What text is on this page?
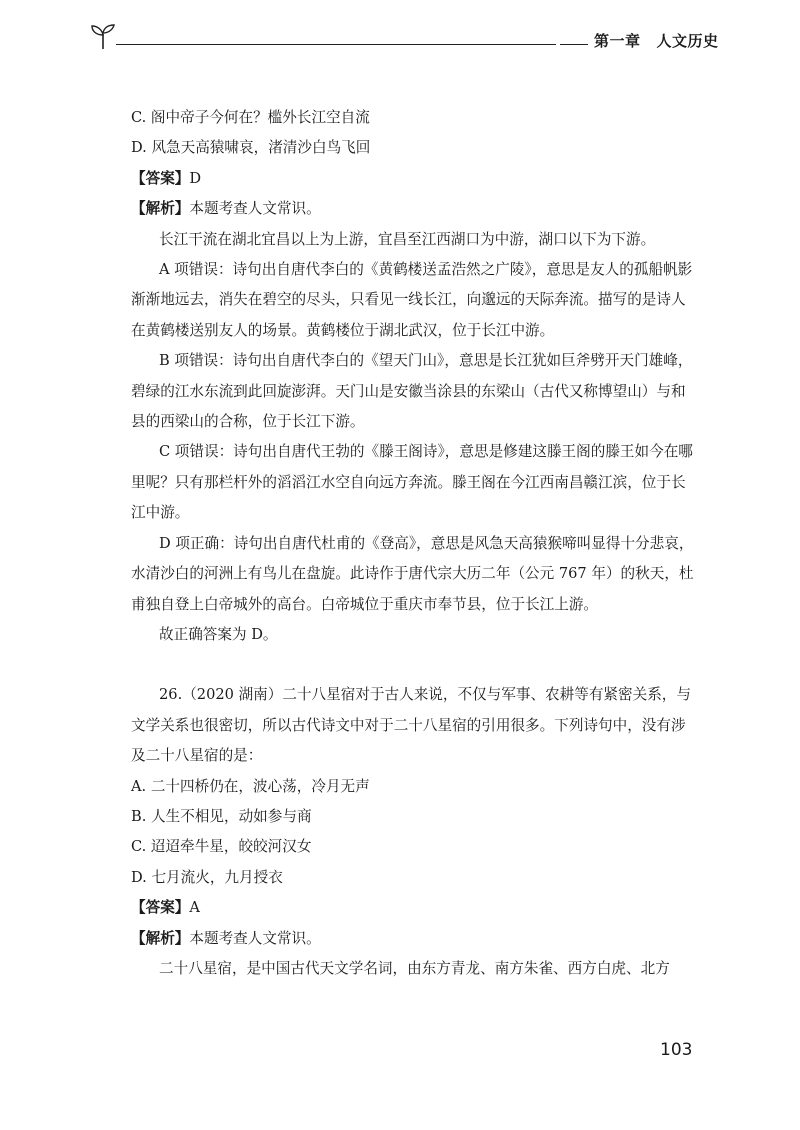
第一章 人文历史

C. 阁中帝子今何在？槛外长江空自流

D. 风急天高猿啸哀，渚清沙白鸟飞回

【答案】D

【解析】本题考查人文常识。

长江干流在湖北宜昌以上为上游，宜昌至江西湖口为中游，湖口以下为下游。

A 项错误：诗句出自唐代李白的《黄鹤楼送孟浩然之广陵》，意思是友人的孤船帆影渐渐地远去，消失在碧空的尽头，只看见一线长江，向邈远的天际奔流。描写的是诗人在黄鹤楼送别友人的场景。黄鹤楼位于湖北武汉，位于长江中游。

B 项错误：诗句出自唐代李白的《望天门山》，意思是长江犹如巨斧劈开天门雄峰，碧绿的江水东流到此回旋澎湃。天门山是安徽当涂县的东梁山（古代又称博望山）与和县的西梁山的合称，位于长江下游。

C 项错误：诗句出自唐代王勃的《滕王阁诗》，意思是修建这滕王阁的滕王如今在哪里呢？只有那栏杆外的滔滔江水空自向远方奔流。滕王阁在今江西南昌赣江滨，位于长江中游。

D 项正确：诗句出自唐代杜甫的《登高》，意思是风急天高猿猴啼叫显得十分悲哀，水清沙白的河洲上有鸟儿在盘旋。此诗作于唐代宗大历二年（公元 767 年）的秋天，杜甫独自登上白帝城外的高台。白帝城位于重庆市奉节县，位于长江上游。

故正确答案为 D。

26.（2020 湖南）二十八星宿对于古人来说，不仅与军事、农耕等有紧密关系，与文学关系也很密切，所以古代诗文中对于二十八星宿的引用很多。下列诗句中，没有涉及二十八星宿的是：

A. 二十四桥仍在，波心荡，冷月无声

B. 人生不相见，动如参与商

C. 迢迢牵牛星，皎皎河汉女

D. 七月流火，九月授衣

【答案】A

【解析】本题考查人文常识。

二十八星宿，是中国古代天文学名词，由东方青龙、南方朱雀、西方白虎、北方

103
